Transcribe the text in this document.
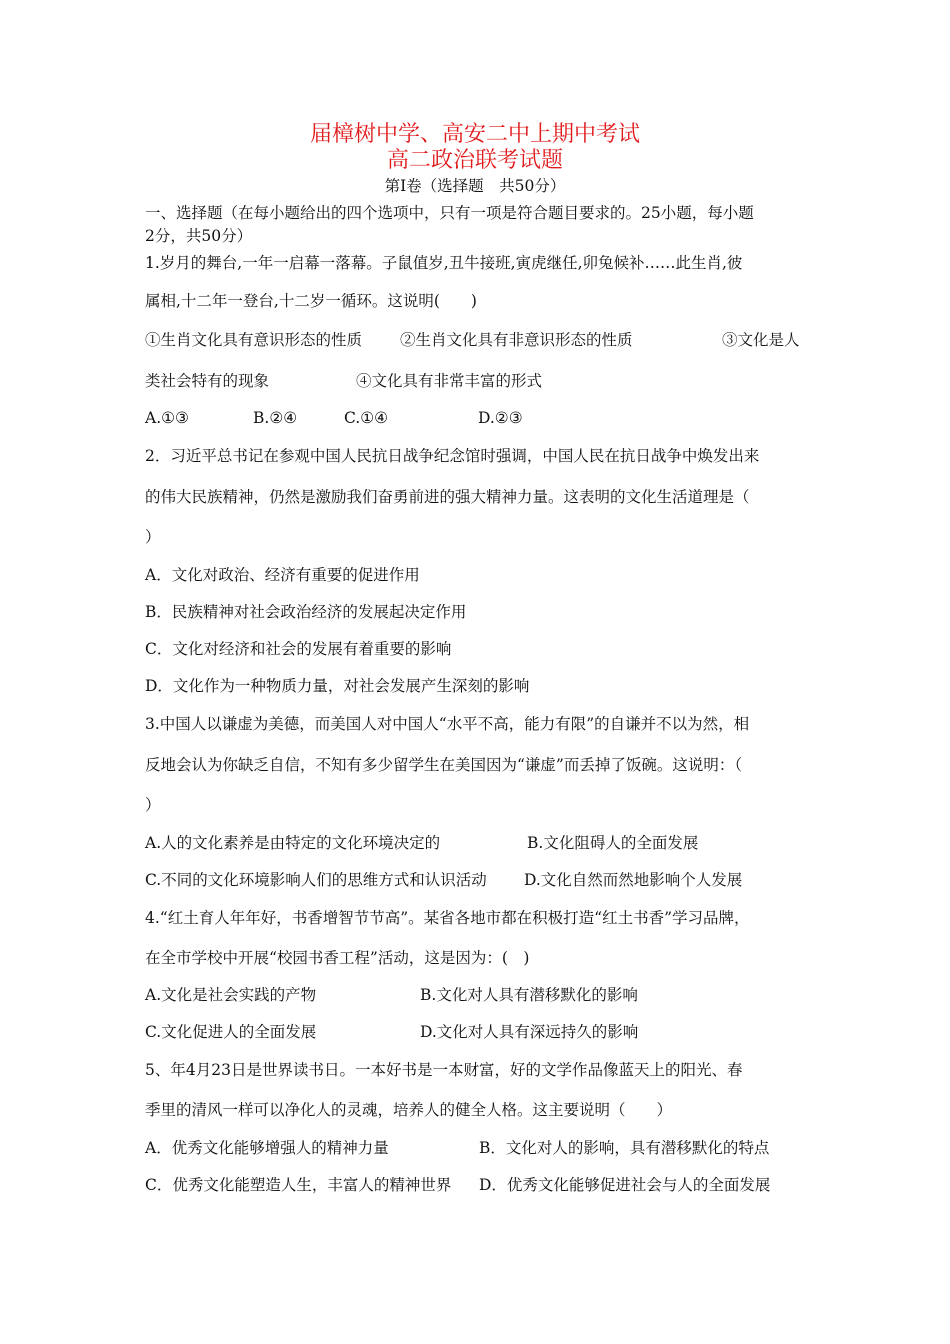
届樟树中学、高安二中上期中考试
高二政治联考试题
第Ⅰ卷（选择题　共50分）
一、选择题（在每小题给出的四个选项中，只有一项是符合题目要求的。25小题，每小题
2分，共50分）
1.岁月的舞台,一年一启幕一落幕。子鼠值岁,丑牛接班,寅虎继任,卯兔候补……此生肖,彼
属相,十二年一登台,十二岁一循环。这说明(　　)
①生肖文化具有意识形态的性质 ②生肖文化具有非意识形态的性质	③文化是人
类社会特有的现象	④文化具有非常丰富的形式
A.①③	B.②④	C.①④	D.②③
2．习近平总书记在参观中国人民抗日战争纪念馆时强调，中国人民在抗日战争中焕发出来
的伟大民族精神，仍然是激励我们奋勇前进的强大精神力量。这表明的文化生活道理是（
）
A．文化对政治、经济有重要的促进作用
B．民族精神对社会政治经济的发展起决定作用
C．文化对经济和社会的发展有着重要的影响
D．文化作为一种物质力量，对社会发展产生深刻的影响
3.中国人以谦虚为美德，而美国人对中国人“水平不高，能力有限”的自谦并不以为然，相
反地会认为你缺乏自信，不知有多少留学生在美国因为“谦虚”而丢掉了饭碗。这说明：（
）
A.人的文化素养是由特定的文化环境决定的	B.文化阻碍人的全面发展
C.不同的文化环境影响人们的思维方式和认识活动 D.文化自然而然地影响个人发展
4.“红土育人年年好，书香增智节节高”。某省各地市都在积极打造“红土书香”学习品牌，
在全市学校中开展“校园书香工程”活动，这是因为：(　)
A.文化是社会实践的产物	B.文化对人具有潜移默化的影响
C.文化促进人的全面发展	D.文化对人具有深远持久的影响
5、年4月23日是世界读书日。一本好书是一本财富，好的文学作品像蓝天上的阳光、春
季里的清风一样可以净化人的灵魂，培养人的健全人格。这主要说明（　　）
A．优秀文化能够增强人的精神力量	B．文化对人的影响，具有潜移默化的特点
C．优秀文化能塑造人生，丰富人的精神世界 D．优秀文化能够促进社会与人的全面发展
